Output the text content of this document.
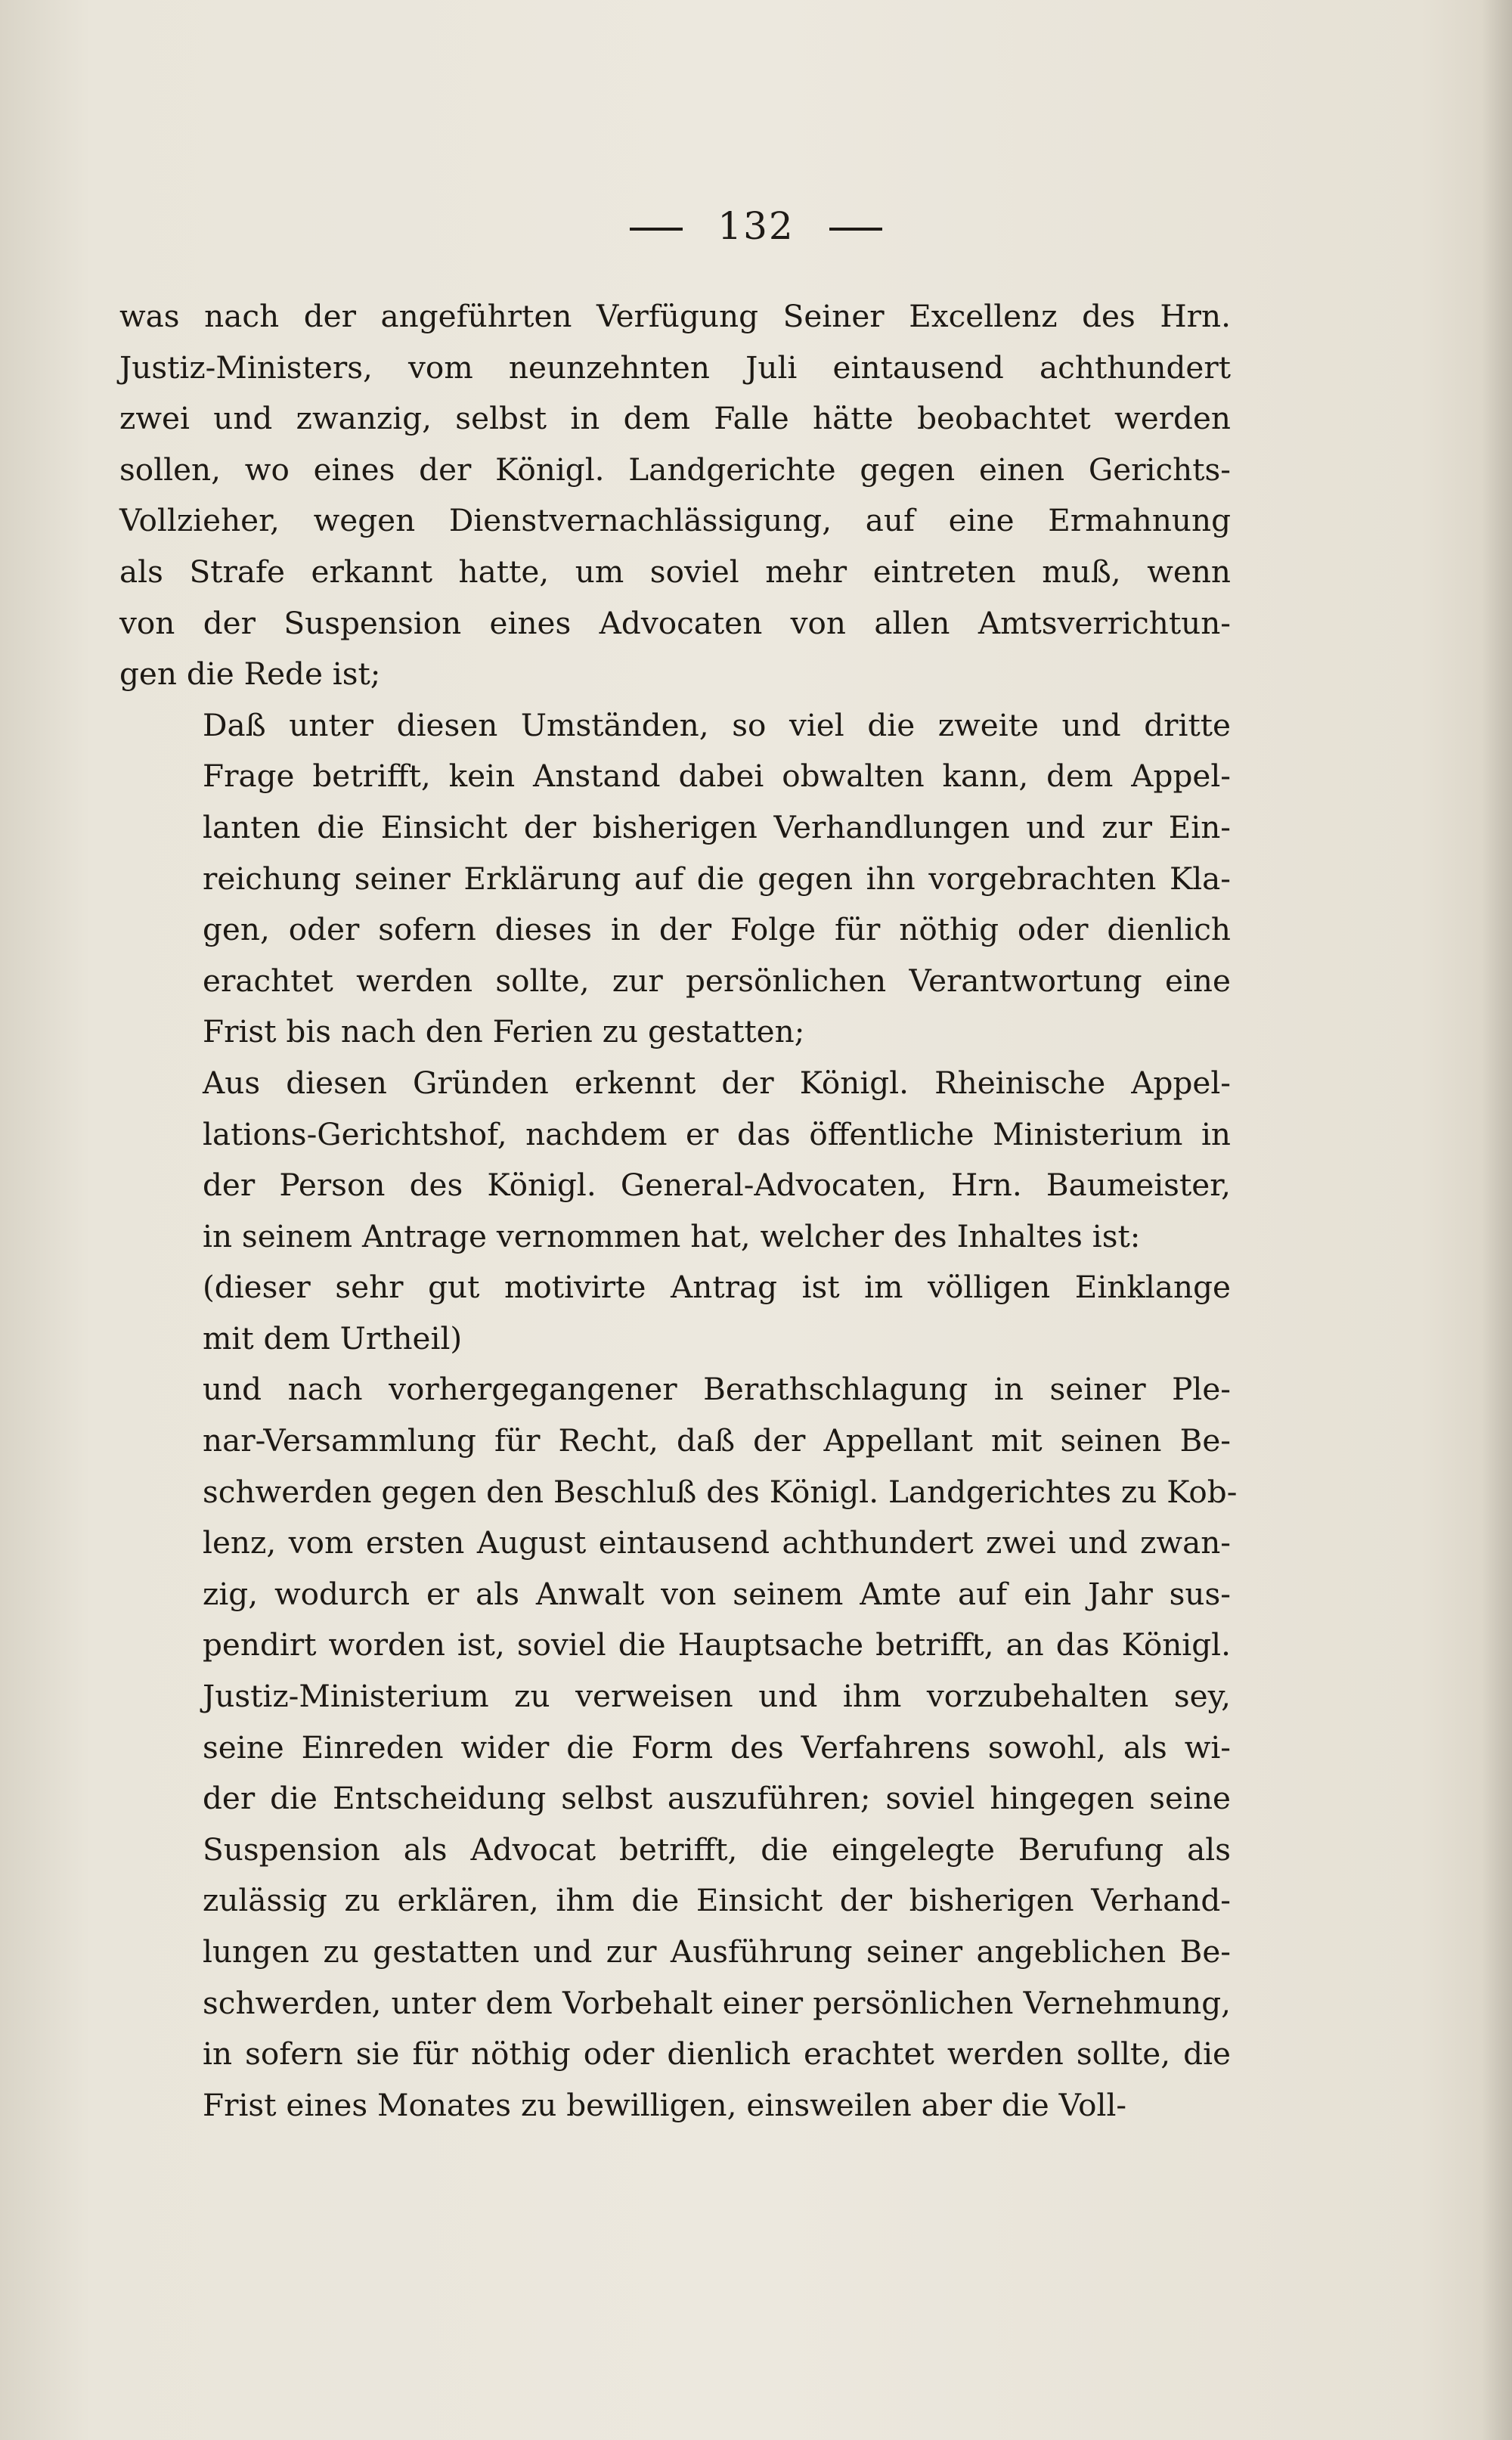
132

was nach der angeführten Verfügung Seiner Excellenz des Hrn.
Justiz-Ministers, vom neunzehnten Juli eintausend achthundert
zwei und zwanzig, selbst in dem Falle hätte beobachtet werden
sollen, wo eines der Königl. Landgerichte gegen einen Gerichts-
Vollzieher, wegen Dienstvernachlässigung, auf eine Ermahnung
als Strafe erkannt hatte, um soviel mehr eintreten muß, wenn
von der Suspension eines Advocaten von allen Amtsverrichtun-
gen die Rede ist;

Daß unter diesen Umständen, so viel die zweite und dritte
Frage betrifft, kein Anstand dabei obwalten kann, dem Appel-
lanten die Einsicht der bisherigen Verhandlungen und zur Ein-
reichung seiner Erklärung auf die gegen ihn vorgebrachten Kla-
gen, oder sofern dieses in der Folge für nöthig oder dienlich
erachtet werden sollte, zur persönlichen Verantwortung eine
Frist bis nach den Ferien zu gestatten;

Aus diesen Gründen erkennt der Königl. Rheinische Appel-
lations-Gerichtshof, nachdem er das öffentliche Ministerium in
der Person des Königl. General-Advocaten, Hrn. Baumeister,
in seinem Antrage vernommen hat, welcher des Inhaltes ist:

(dieser sehr gut motivirte Antrag ist im völligen Einklange
mit dem Urtheil)

und nach vorhergegangener Berathschlagung in seiner Ple-
nar-Versammlung für Recht, daß der Appellant mit seinen Be-
schwerden gegen den Beschluß des Königl. Landgerichtes zu Kob-
lenz, vom ersten August eintausend achthundert zwei und zwan-
zig, wodurch er als Anwalt von seinem Amte auf ein Jahr sus-
pendirt worden ist, soviel die Hauptsache betrifft, an das Königl.
Justiz-Ministerium zu verweisen und ihm vorzubehalten sey,
seine Einreden wider die Form des Verfahrens sowohl, als wi-
der die Entscheidung selbst auszuführen; soviel hingegen seine
Suspension als Advocat betrifft, die eingelegte Berufung als
zulässig zu erklären, ihm die Einsicht der bisherigen Verhand-
lungen zu gestatten und zur Ausführung seiner angeblichen Be-
schwerden, unter dem Vorbehalt einer persönlichen Vernehmung,
in sofern sie für nöthig oder dienlich erachtet werden sollte, die
Frist eines Monates zu bewilligen, einsweilen aber die Voll-
